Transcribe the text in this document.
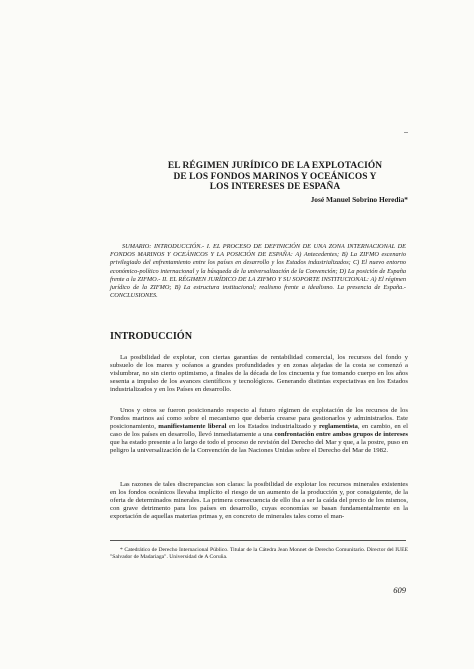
EL RÉGIMEN JURÍDICO DE LA EXPLOTACIÓN
DE LOS FONDOS MARINOS Y OCEÁNICOS Y
LOS INTERESES DE ESPAÑA
José Manuel Sobrino Heredia*
SUMARIO: INTRODUCCIÓN.- I. EL PROCESO DE DEFINICIÓN DE UNA ZONA INTERNACIONAL DE FONDOS MARINOS Y OCEÁNICOS Y LA POSICIÓN DE ESPAÑA: A) Antecedentes; B) La ZIFMO escenario privilegiado del enfrentamiento entre los países en desarrollo y los Estados industrializados; C) El nuevo entorno económico-político internacional y la búsqueda de la universalización de la Convención; D) La posición de España frente a la ZIFMO.- II. EL RÉGIMEN JURÍDICO DE LA ZIFMO Y SU SOPORTE INSTITUCIONAL: A) El régimen jurídico de la ZIFMO; B) La estructura institucional; realismo frente a idealismo. La presencia de España.- CONCLUSIONES.
INTRODUCCIÓN
La posibilidad de explotar, con ciertas garantías de rentabilidad comercial, los recursos del fondo y subsuelo de los mares y océanos a grandes profundidades y en zonas alejadas de la costa se comenzó a vislumbrar, no sin cierto optimismo, a finales de la década de los cincuenta y fue tomando cuerpo en los años sesenta a impulso de los avances científicos y tecnológicos. Generando distintas expectativas en los Estados industrializados y en los Países en desarrollo.
Unos y otros se fueron posicionando respecto al futuro régimen de explotación de los recursos de los Fondos marinos así como sobre el mecanismo que debería crearse para gestionarlos y administrarlos. Este posicionamiento, manifiestamente liberal en los Estados industrializado y reglamentista, en cambio, en el caso de los países en desarrollo, llevó inmediatamente a una confrontación entre ambos grupos de intereses que ha estado presente a lo largo de todo el proceso de revisión del Derecho del Mar y que, a la postre, puso en peligro la universalización de la Convención de las Naciones Unidas sobre el Derecho del Mar de 1982.
Las razones de tales discrepancias son claras: la posibilidad de explotar los recursos minerales existentes en los fondos oceánicos llevaba implícito el riesgo de un aumento de la producción y, por consiguiente, de la oferta de determinados minerales. La primera consecuencia de ello iba a ser la caída del precio de los mismos, con grave detrimento para los países en desarrollo, cuyas economías se basan fundamentalmente en la exportación de aquellas materias primas y, en concreto de minerales tales como el man-
* Catedrático de Derecho Internacional Público. Titular de la Cátedra Jean Monnet de Derecho Comunitario. Director del IUEE "Salvador de Madariaga". Universidad de A Coruña.
609
